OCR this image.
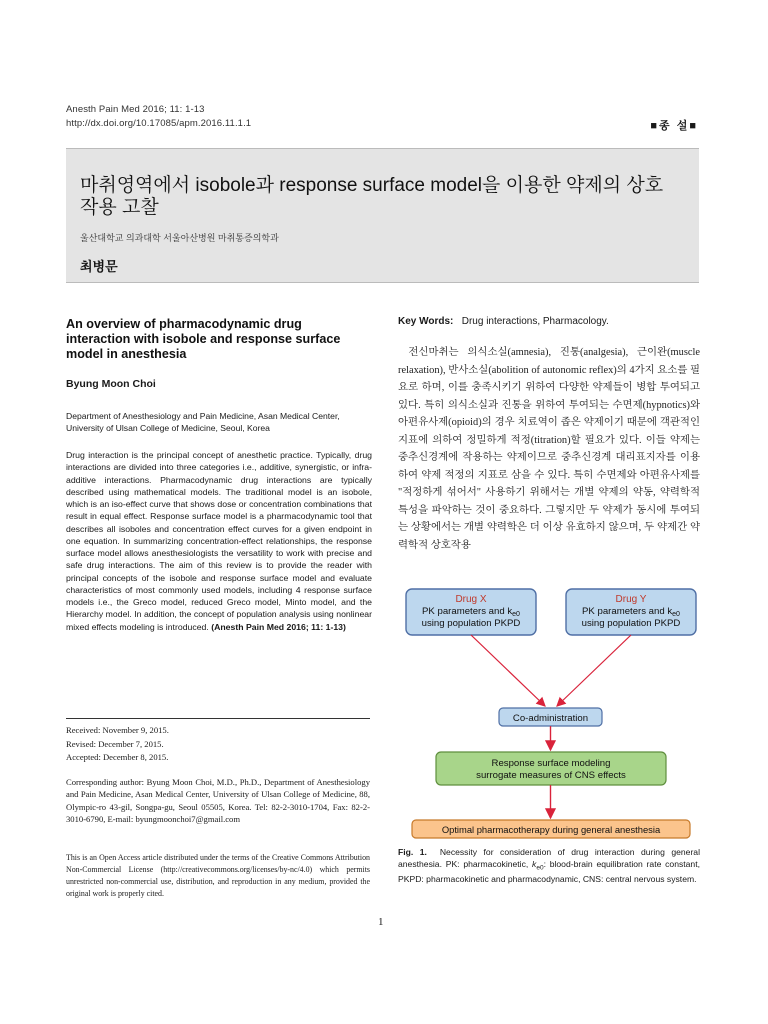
Anesth Pain Med 2016; 11: 1-13
http://dx.doi.org/10.17085/apm.2016.11.1.1	■종 설■
마취영역에서 isobole과 response surface model을 이용한 약제의 상호작용 고찰
울산대학교 의과대학 서울아산병원 마취통증의학과
최병문
An overview of pharmacodynamic drug interaction with isobole and response surface model in anesthesia
Byung Moon Choi
Department of Anesthesiology and Pain Medicine, Asan Medical Center, University of Ulsan College of Medicine, Seoul, Korea
Drug interaction is the principal concept of anesthetic practice. Typically, drug interactions are divided into three categories i.e., additive, synergistic, or infra-additive interactions. Pharmacodynamic drug interactions are typically described using mathematical models. The traditional model is an isobole, which is an iso-effect curve that shows dose or concentration combinations that result in equal effect. Response surface model is a pharmacodynamic tool that describes all isoboles and concentration effect curves for a given endpoint in one equation. In summarizing concentration-effect relationships, the response surface model allows anesthesiologists the versatility to work with precise and safe drug interactions. The aim of this review is to provide the reader with principal concepts of the isobole and response surface model and evaluate characteristics of most commonly used models, including 4 response surface models i.e., the Greco model, reduced Greco model, Minto model, and the Hierarchy model. In addition, the concept of population analysis using nonlinear mixed effects modeling is introduced. (Anesth Pain Med 2016; 11: 1-13)
Received: November 9, 2015.
Revised: December 7, 2015.
Accepted: December 8, 2015.
Corresponding author: Byung Moon Choi, M.D., Ph.D., Department of Anesthesiology and Pain Medicine, Asan Medical Center, University of Ulsan College of Medicine, 88, Olympic-ro 43-gil, Songpa-gu, Seoul 05505, Korea. Tel: 82-2-3010-1704, Fax: 82-2-3010-6790, E-mail: byungmoonchoi7@gmail.com
This is an Open Access article distributed under the terms of the Creative Commons Attribution Non-Commercial License (http://creativecommons.org/licenses/by-nc/4.0) which permits unrestricted non-commercial use, distribution, and reproduction in any medium, provided the original work is properly cited.
Key Words: Drug interactions, Pharmacology.
 전신마취는 의식소실(amnesia), 진통(analgesia), 근이완(muscle relaxation), 반사소실(abolition of autonomic reflex)의 4가지 요소를 필요로 하며, 이를 충족시키기 위하여 다양한 약제들이 병합 투여되고 있다. 특히 의식소실과 진통을 위하여 투여되는 수면제(hypnotics)와 아편유사제(opioid)의 경우 치료역이 좁은 약제이기 때문에 객관적인 지표에 의하여 정밀하게 적정(titration)할 필요가 있다. 이들 약제는 중추신경계에 작용하는 약제이므로 중추신경계 대리표지자를 이용하여 약제 적정의 지표로 삼을 수 있다. 특히 수면제와 아편유사제를 "적정하게 섞어서" 사용하기 위해서는 개별 약제의 약동, 약력학적 특성을 파악하는 것이 중요하다. 그렇지만 두 약제가 동시에 투여되는 상황에서는 개별 약력학은 더 이상 유효하지 않으며, 두 약제간 약력학적 상호작용
Drug X
PK parameters and $k_{e0}$
using population PKPD
Drug Y
PK parameters and $k_{e0}$
using population PKPD
Co-administration
Response surface modeling
surrogate measures of CNS effects
Optimal pharmacotherapy during general anesthesia
Fig. 1. Necessity for consideration of drug interaction during general anesthesia. PK: pharmacokinetic, $k_{e0}$: blood-brain equilibration rate constant, PKPD: pharmacokinetic and pharmacodynamic, CNS: central nervous system.
1
